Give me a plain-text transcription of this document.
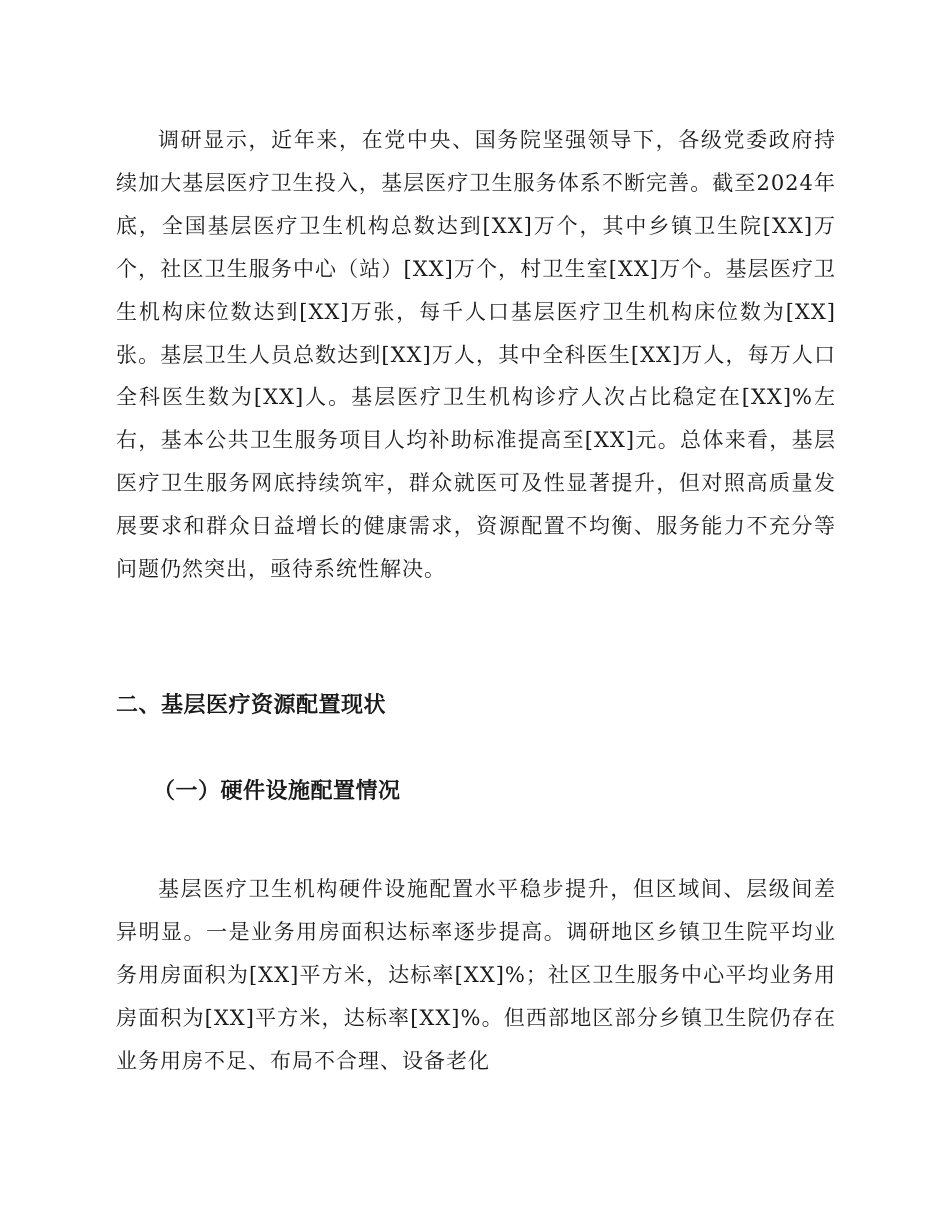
调研显示，近年来，在党中央、国务院坚强领导下，各级党委政府持续加大基层医疗卫生投入，基层医疗卫生服务体系不断完善。截至2024年底，全国基层医疗卫生机构总数达到[XX]万个，其中乡镇卫生院[XX]万个，社区卫生服务中心（站）[XX]万个，村卫生室[XX]万个。基层医疗卫生机构床位数达到[XX]万张，每千人口基层医疗卫生机构床位数为[XX]张。基层卫生人员总数达到[XX]万人，其中全科医生[XX]万人，每万人口全科医生数为[XX]人。基层医疗卫生机构诊疗人次占比稳定在[XX]%左右，基本公共卫生服务项目人均补助标准提高至[XX]元。总体来看，基层医疗卫生服务网底持续筑牢，群众就医可及性显著提升，但对照高质量发展要求和群众日益增长的健康需求，资源配置不均衡、服务能力不充分等问题仍然突出，亟待系统性解决。

二、基层医疗资源配置现状
（一）硬件设施配置情况

基层医疗卫生机构硬件设施配置水平稳步提升，但区域间、层级间差异明显。一是业务用房面积达标率逐步提高。调研地区乡镇卫生院平均业务用房面积为[XX]平方米，达标率[XX]%；社区卫生服务中心平均业务用房面积为[XX]平方米，达标率[XX]%。但西部地区部分乡镇卫生院仍存在业务用房不足、布局不合理、设备老化
